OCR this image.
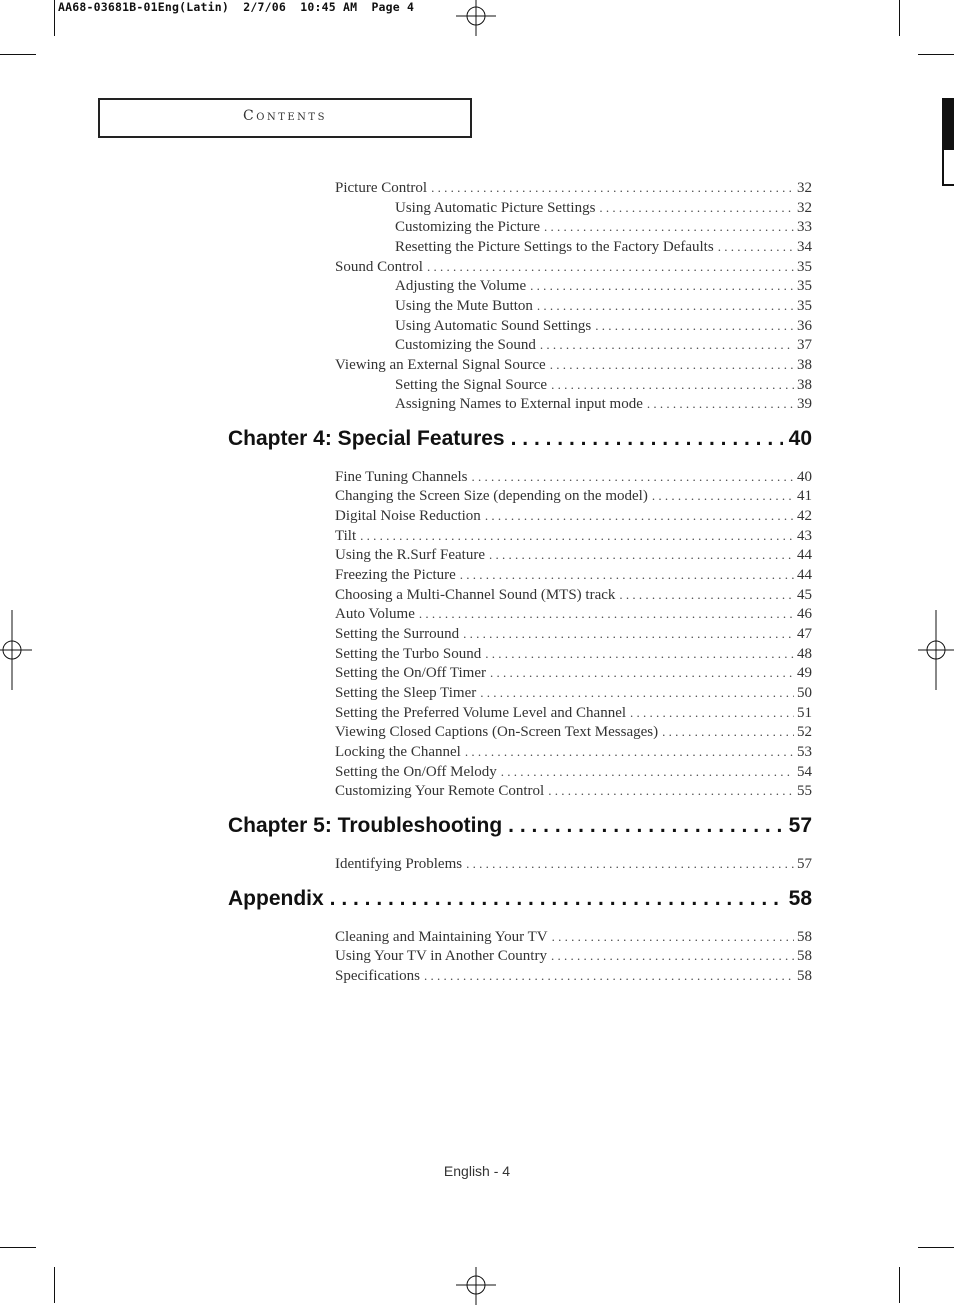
AA68-03681B-01Eng(Latin)  2/7/06  10:45 AM  Page 4
Contents
Picture Control . . .	32
Using Automatic Picture Settings . . .	32
Customizing the Picture . . .	33
Resetting the Picture Settings to the Factory Defaults . . .	34
Sound Control . . .	35
Adjusting the Volume . . .	35
Using the Mute Button . . .	35
Using Automatic Sound Settings . . .	36
Customizing the Sound . . .	37
Viewing an External Signal Source . . .	38
Setting the Signal Source . . .	38
Assigning Names to External input mode . . .	39
Chapter 4: Special Features . . .	40
Fine Tuning Channels . . .	40
Changing the Screen Size (depending on the model) . . .	41
Digital Noise Reduction . . .	42
Tilt . . .	43
Using the R.Surf Feature . . .	44
Freezing the Picture . . .	44
Choosing a Multi-Channel Sound (MTS) track . . .	45
Auto Volume . . .	46
Setting the Surround . . .	47
Setting the Turbo Sound . . .	48
Setting the On/Off Timer . . .	49
Setting the Sleep Timer . . .	50
Setting the Preferred Volume Level and Channel . . .	51
Viewing Closed Captions (On-Screen Text Messages) . . .	52
Locking the Channel . . .	53
Setting the On/Off Melody . . .	54
Customizing Your Remote Control . . .	55
Chapter 5: Troubleshooting . . .	57
Identifying Problems . . .	57
Appendix . . .	58
Cleaning and Maintaining Your TV . . .	58
Using Your TV in Another Country . . .	58
Specifications . . .	58
English - 4
